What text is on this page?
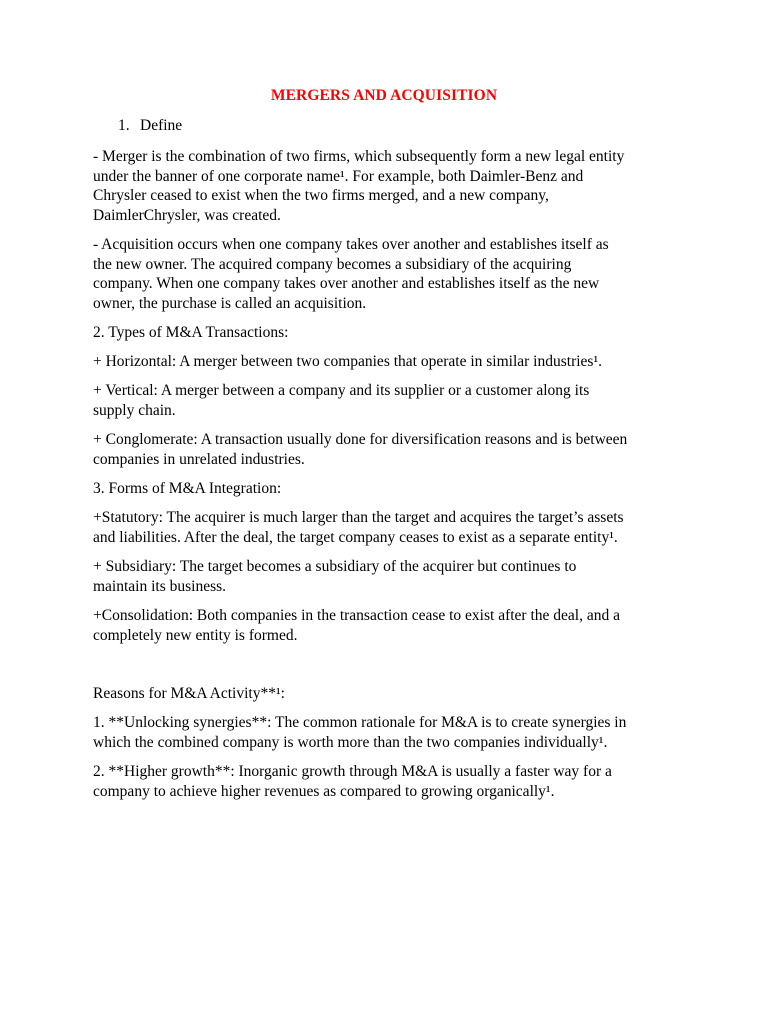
MERGERS AND ACQUISITION
1. Define

- Merger is the combination of two firms, which subsequently form a new legal entity
under the banner of one corporate name¹. For example, both Daimler-Benz and
Chrysler ceased to exist when the two firms merged, and a new company,
DaimlerChrysler, was created.

- Acquisition occurs when one company takes over another and establishes itself as
the new owner. The acquired company becomes a subsidiary of the acquiring
company. When one company takes over another and establishes itself as the new
owner, the purchase is called an acquisition.

2. Types of M&A Transactions:

+ Horizontal: A merger between two companies that operate in similar industries¹.

+ Vertical: A merger between a company and its supplier or a customer along its
supply chain.

+ Conglomerate: A transaction usually done for diversification reasons and is between
companies in unrelated industries.

3. Forms of M&A Integration:

+Statutory: The acquirer is much larger than the target and acquires the target’s assets
and liabilities. After the deal, the target company ceases to exist as a separate entity¹.

+ Subsidiary: The target becomes a subsidiary of the acquirer but continues to
maintain its business.

+Consolidation: Both companies in the transaction cease to exist after the deal, and a
completely new entity is formed.

Reasons for M&A Activity**¹:

1. **Unlocking synergies**: The common rationale for M&A is to create synergies in
which the combined company is worth more than the two companies individually¹.

2. **Higher growth**: Inorganic growth through M&A is usually a faster way for a
company to achieve higher revenues as compared to growing organically¹.
